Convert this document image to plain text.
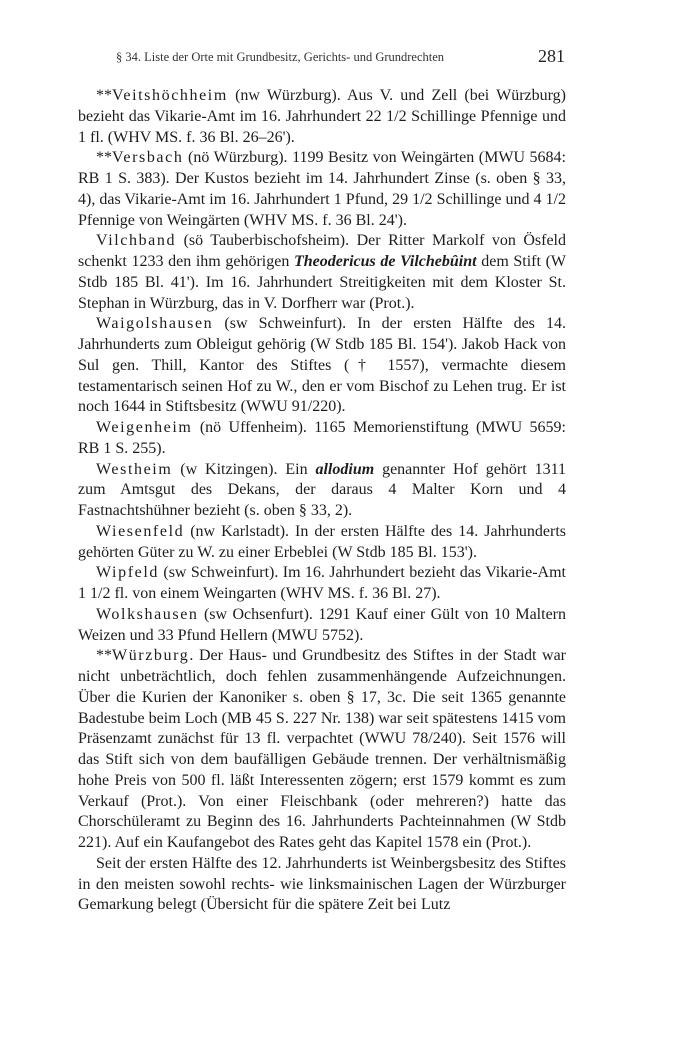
§ 34. Liste der Orte mit Grundbesitz, Gerichts- und Grundrechten	281

**Veitshöchheim (nw Würzburg). Aus V. und Zell (bei Würzburg) bezieht das Vikarie-Amt im 16. Jahrhundert 22 1/2 Schillinge Pfennige und 1 fl. (WHV MS. f. 36 Bl. 26–26').

**Versbach (nö Würzburg). 1199 Besitz von Weingärten (MWU 5684: RB 1 S. 383). Der Kustos bezieht im 14. Jahrhundert Zinse (s. oben § 33, 4), das Vikarie-Amt im 16. Jahrhundert 1 Pfund, 29 1/2 Schillinge und 4 1/2 Pfennige von Weingärten (WHV MS. f. 36 Bl. 24').

Vilchband (sö Tauberbischofsheim). Der Ritter Markolf von Ösfeld schenkt 1233 den ihm gehörigen Theodericus de Vilchebûint dem Stift (W Stdb 185 Bl. 41'). Im 16. Jahrhundert Streitigkeiten mit dem Kloster St. Stephan in Würzburg, das in V. Dorfherr war (Prot.).

Waigolshausen (sw Schweinfurt). In der ersten Hälfte des 14. Jahrhunderts zum Obleigut gehörig (W Stdb 185 Bl. 154'). Jakob Hack von Sul gen. Thill, Kantor des Stiftes († 1557), vermachte diesem testamentarisch seinen Hof zu W., den er vom Bischof zu Lehen trug. Er ist noch 1644 in Stiftsbesitz (WWU 91/220).

Weigenheim (nö Uffenheim). 1165 Memorienstiftung (MWU 5659: RB 1 S. 255).

Westheim (w Kitzingen). Ein allodium genannter Hof gehört 1311 zum Amtsgut des Dekans, der daraus 4 Malter Korn und 4 Fastnachtshühner bezieht (s. oben § 33, 2).

Wiesenfeld (nw Karlstadt). In der ersten Hälfte des 14. Jahrhunderts gehörten Güter zu W. zu einer Erbeblei (W Stdb 185 Bl. 153').

Wipfeld (sw Schweinfurt). Im 16. Jahrhundert bezieht das Vikarie-Amt 1 1/2 fl. von einem Weingarten (WHV MS. f. 36 Bl. 27).

Wolkshausen (sw Ochsenfurt). 1291 Kauf einer Gült von 10 Maltern Weizen und 33 Pfund Hellern (MWU 5752).

**Würzburg. Der Haus- und Grundbesitz des Stiftes in der Stadt war nicht unbeträchtlich, doch fehlen zusammenhängende Aufzeichnungen. Über die Kurien der Kanoniker s. oben § 17, 3c. Die seit 1365 genannte Badestube beim Loch (MB 45 S. 227 Nr. 138) war seit spätestens 1415 vom Präsenzamt zunächst für 13 fl. verpachtet (WWU 78/240). Seit 1576 will das Stift sich von dem baufälligen Gebäude trennen. Der verhältnismäßig hohe Preis von 500 fl. läßt Interessenten zögern; erst 1579 kommt es zum Verkauf (Prot.). Von einer Fleischbank (oder mehreren?) hatte das Chorschüleramt zu Beginn des 16. Jahrhunderts Pachteinnahmen (W Stdb 221). Auf ein Kaufangebot des Rates geht das Kapitel 1578 ein (Prot.).

Seit der ersten Hälfte des 12. Jahrhunderts ist Weinbergsbesitz des Stiftes in den meisten sowohl rechts- wie linksmainischen Lagen der Würzburger Gemarkung belegt (Übersicht für die spätere Zeit bei Lutz
